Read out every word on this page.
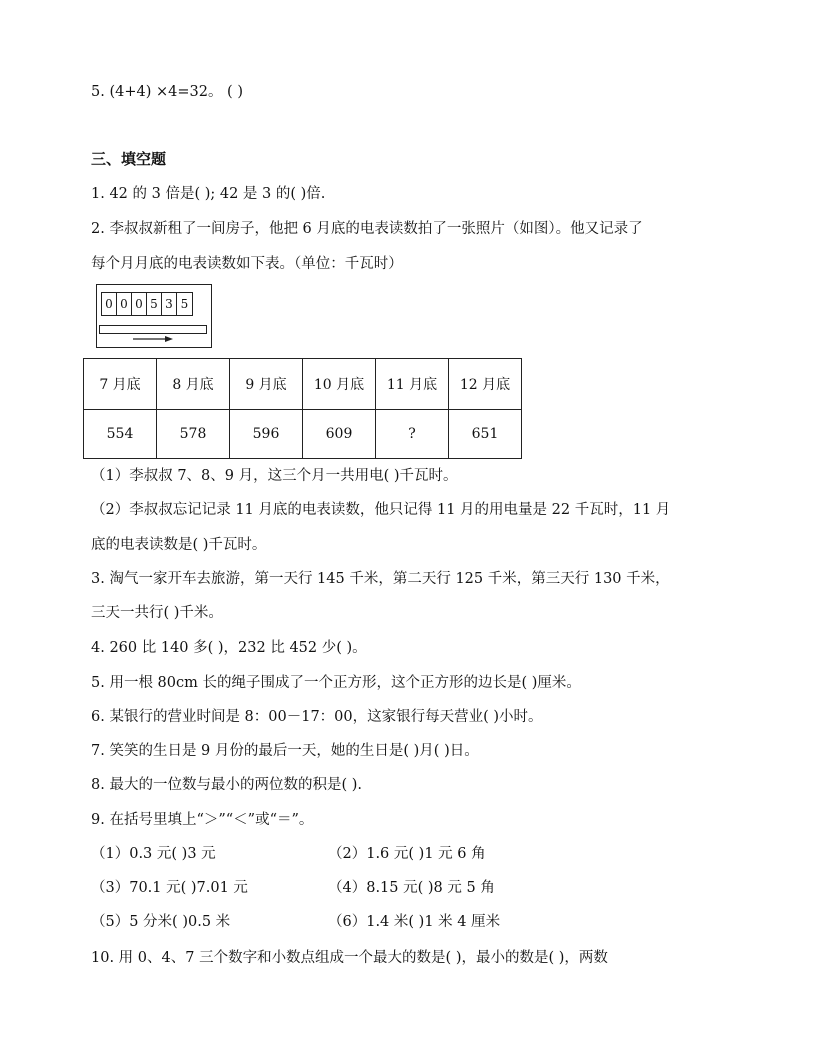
5. (4+4) ×4=32。 ( )
三、填空题
1. 42 的 3 倍是( ); 42 是 3 的( )倍.
2. 李叔叔新租了一间房子，他把 6 月底的电表读数拍了一张照片（如图）。他又记录了
每个月月底的电表读数如下表。（单位：千瓦时）
0 0 0 5 3 5
7 月底	8 月底	9 月底	10 月底	11 月底	12 月底
554	578	596	609	?	651
（1）李叔叔 7、8、9 月，这三个月一共用电( )千瓦时。
（2）李叔叔忘记记录 11 月底的电表读数，他只记得 11 月的用电量是 22 千瓦时，11 月
底的电表读数是( )千瓦时。
3. 淘气一家开车去旅游，第一天行 145 千米，第二天行 125 千米，第三天行 130 千米，
三天一共行( )千米。
4. 260 比 140 多( )，232 比 452 少( )。
5. 用一根 80cm 长的绳子围成了一个正方形，这个正方形的边长是( )厘米。
6. 某银行的营业时间是 8：00－17：00，这家银行每天营业( )小时。
7. 笑笑的生日是 9 月份的最后一天，她的生日是( )月( )日。
8. 最大的一位数与最小的两位数的积是( ).
9. 在括号里填上“＞”“＜”或“＝”。
（1）0.3 元( )3 元	（2）1.6 元( )1 元 6 角
（3）70.1 元( )7.01 元	（4）8.15 元( )8 元 5 角
（5）5 分米( )0.5 米	（6）1.4 米( )1 米 4 厘米
10. 用 0、4、7 三个数字和小数点组成一个最大的数是( )，最小的数是( )，两数
